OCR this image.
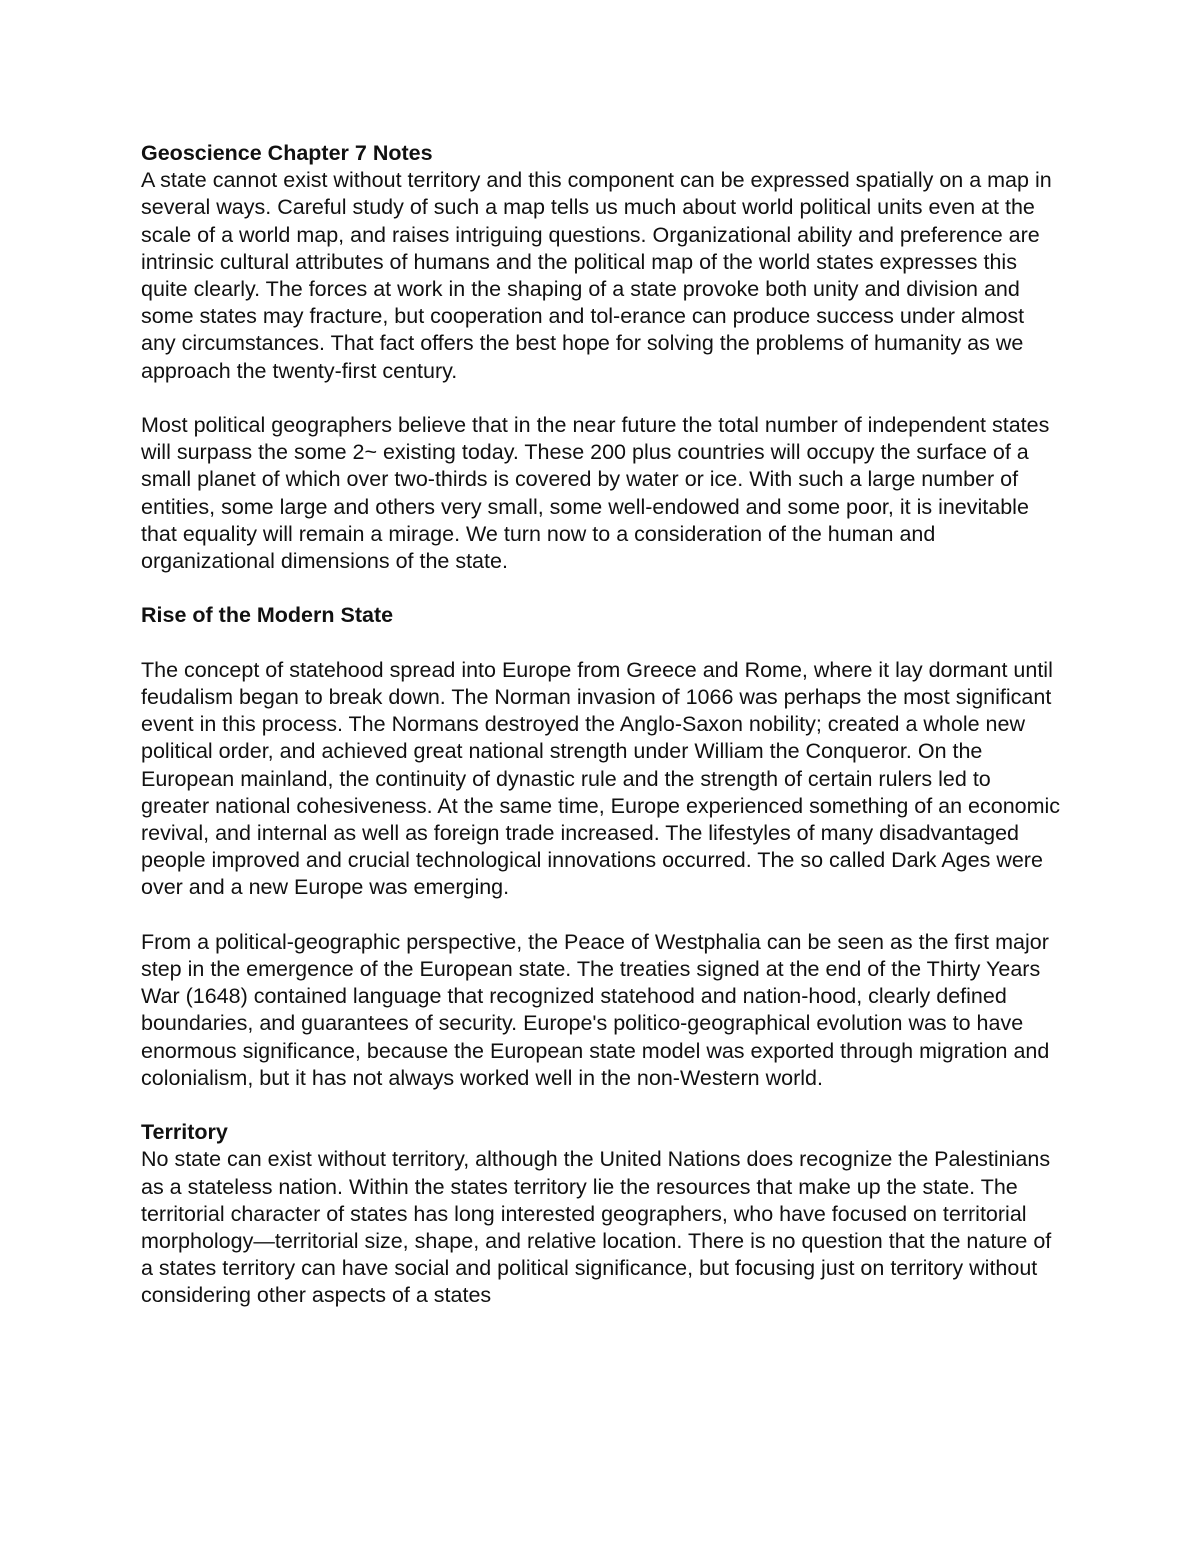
Geoscience Chapter 7 Notes

A state cannot exist without territory and this component can be expressed spatially on a map in several ways. Careful study of such a map tells us much about world political units even at the scale of a world map, and raises intriguing questions. Organizational ability and preference are intrinsic cultural attributes of humans and the political map of the world states expresses this quite clearly. The forces at work in the shaping of a state provoke both unity and division and some states may fracture, but cooperation and tol-erance can produce success under almost any circumstances. That fact offers the best hope for solving the problems of humanity as we approach the twenty-first century.

Most political geographers believe that in the near future the total number of independent states will surpass the some 2~ existing today. These 200 plus countries will occupy the surface of a small planet of which over two-thirds is covered by water or ice. With such a large number of entities, some large and others very small, some well-endowed and some poor, it is inevitable that equality will remain a mirage. We turn now to a consideration of the human and organizational dimensions of the state.

Rise of the Modern State

The concept of statehood spread into Europe from Greece and Rome, where it lay dormant until feudalism began to break down. The Norman invasion of 1066 was perhaps the most significant event in this process. The Normans destroyed the Anglo-Saxon nobility; created a whole new political order, and achieved great national strength under William the Conqueror. On the European mainland, the continuity of dynastic rule and the strength of certain rulers led to greater national cohesiveness. At the same time, Europe experienced something of an economic revival, and internal as well as foreign trade increased. The lifestyles of many disadvantaged people improved and crucial technological innovations occurred. The so called Dark Ages were over and a new Europe was emerging.

From a political-geographic perspective, the Peace of Westphalia can be seen as the first major step in the emergence of the European state. The treaties signed at the end of the Thirty Years War (1648) contained language that recognized statehood and nation-hood, clearly defined boundaries, and guarantees of security. Europe's politico-geographical evolution was to have enormous significance, because the European state model was exported through migration and colonialism, but it has not always worked well in the non-Western world.

Territory

No state can exist without territory, although the United Nations does recognize the Palestinians as a stateless nation. Within the states territory lie the resources that make up the state. The territorial character of states has long interested geographers, who have focused on territorial morphology—territorial size, shape, and relative location. There is no question that the nature of a states territory can have social and political significance, but focusing just on territory without considering other aspects of a states
